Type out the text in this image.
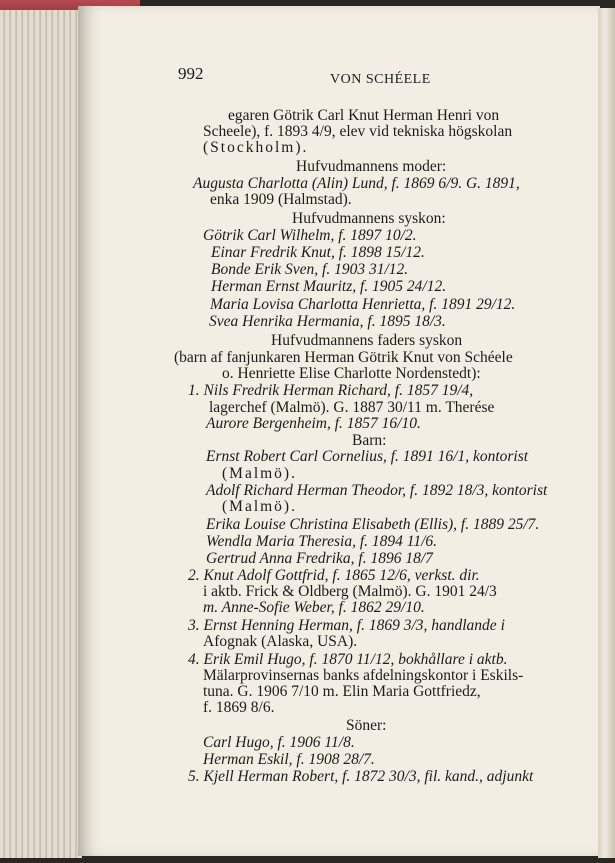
992	VON SCHÉELE
egaren Götrik Carl Knut Herman Henri von
Scheele), f. 1893 4/9, elev vid tekniska högskolan
(Stockholm).
Hufvudmannens moder:
Augusta Charlotta (Alin) Lund, f. 1869 6/9. G. 1891,
enka 1909 (Halmstad).
Hufvudmannens syskon:
Götrik Carl Wilhelm, f. 1897 10/2.
Einar Fredrik Knut, f. 1898 15/12.
Bonde Erik Sven, f. 1903 31/12.
Herman Ernst Mauritz, f. 1905 24/12.
Maria Lovisa Charlotta Henrietta, f. 1891 29/12.
Svea Henrika Hermania, f. 1895 18/3.
Hufvudmannens faders syskon
(barn af fanjunkaren Herman Götrik Knut von Schéele
o. Henriette Elise Charlotte Nordenstedt):
1. Nils Fredrik Herman Richard, f. 1857 19/4,
lagerchef (Malmö). G. 1887 30/11 m. Therése
Aurore Bergenheim, f. 1857 16/10.
Barn:
Ernst Robert Carl Cornelius, f. 1891 16/1, kontorist
(Malmö).
Adolf Richard Herman Theodor, f. 1892 18/3, kontorist
(Malmö).
Erika Louise Christina Elisabeth (Ellis), f. 1889 25/7.
Wendla Maria Theresia, f. 1894 11/6.
Gertrud Anna Fredrika, f. 1896 18/7
2. Knut Adolf Gottfrid, f. 1865 12/6, verkst. dir.
i aktb. Frick & Oldberg (Malmö). G. 1901 24/3
m. Anne-Sofie Weber, f. 1862 29/10.
3. Ernst Henning Herman, f. 1869 3/3, handlande i
Afognak (Alaska, USA).
4. Erik Emil Hugo, f. 1870 11/12, bokhållare i aktb.
Mälarprovinsernas banks afdelningskontor i Eskils-
tuna. G. 1906 7/10 m. Elin Maria Gottfriedz,
f. 1869 8/6.
Söner:
Carl Hugo, f. 1906 11/8.
Herman Eskil, f. 1908 28/7.
5. Kjell Herman Robert, f. 1872 30/3, fil. kand., adjunkt
